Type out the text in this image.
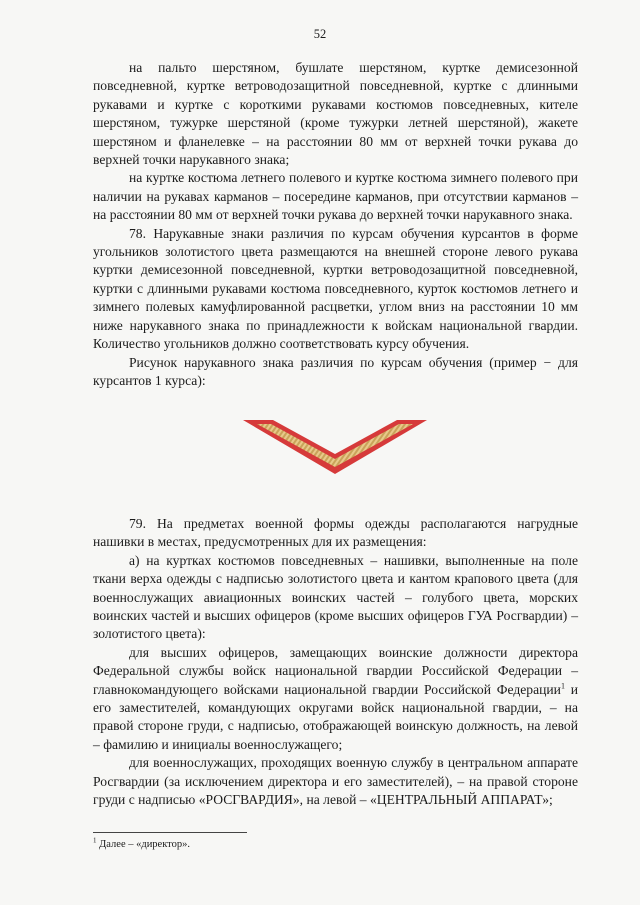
52

на пальто шерстяном, бушлате шерстяном, куртке демисезонной повседневной, куртке ветроводозащитной повседневной, куртке с длинными рукавами и куртке с короткими рукавами костюмов повседневных, кителе шерстяном, тужурке шерстяной (кроме тужурки летней шерстяной), жакете шерстяном и фланелевке – на расстоянии 80 мм от верхней точки рукава до верхней точки нарукавного знака;

на куртке костюма летнего полевого и куртке костюма зимнего полевого при наличии на рукавах карманов – посередине карманов, при отсутствии карманов – на расстоянии 80 мм от верхней точки рукава до верхней точки нарукавного знака.

78. Нарукавные знаки различия по курсам обучения курсантов в форме угольников золотистого цвета размещаются на внешней стороне левого рукава куртки демисезонной повседневной, куртки ветроводозащитной повседневной, куртки с длинными рукавами костюма повседневного, курток костюмов летнего и зимнего полевых камуфлированной расцветки, углом вниз на расстоянии 10 мм ниже нарукавного знака по принадлежности к войскам национальной гвардии. Количество угольников должно соответствовать курсу обучения.

Рисунок нарукавного знака различия по курсам обучения (пример − для курсантов 1 курса):

79. На предметах военной формы одежды располагаются нагрудные нашивки в местах, предусмотренных для их размещения:

а) на куртках костюмов повседневных – нашивки, выполненные на поле ткани верха одежды с надписью золотистого цвета и кантом крапового цвета (для военнослужащих авиационных воинских частей – голубого цвета, морских воинских частей и высших офицеров (кроме высших офицеров ГУА Росгвардии) – золотистого цвета):

для высших офицеров, замещающих воинские должности директора Федеральной службы войск национальной гвардии Российской Федерации – главнокомандующего войсками национальной гвардии Российской Федерации$^1$ и его заместителей, командующих округами войск национальной гвардии, – на правой стороне груди, с надписью, отображающей воинскую должность, на левой – фамилию и инициалы военнослужащего;

для военнослужащих, проходящих военную службу в центральном аппарате Росгвардии (за исключением директора и его заместителей), – на правой стороне груди с надписью «РОСГВАРДИЯ», на левой – «ЦЕНТРАЛЬНЫЙ АППАРАТ»;

$^1$ Далее – «директор».
